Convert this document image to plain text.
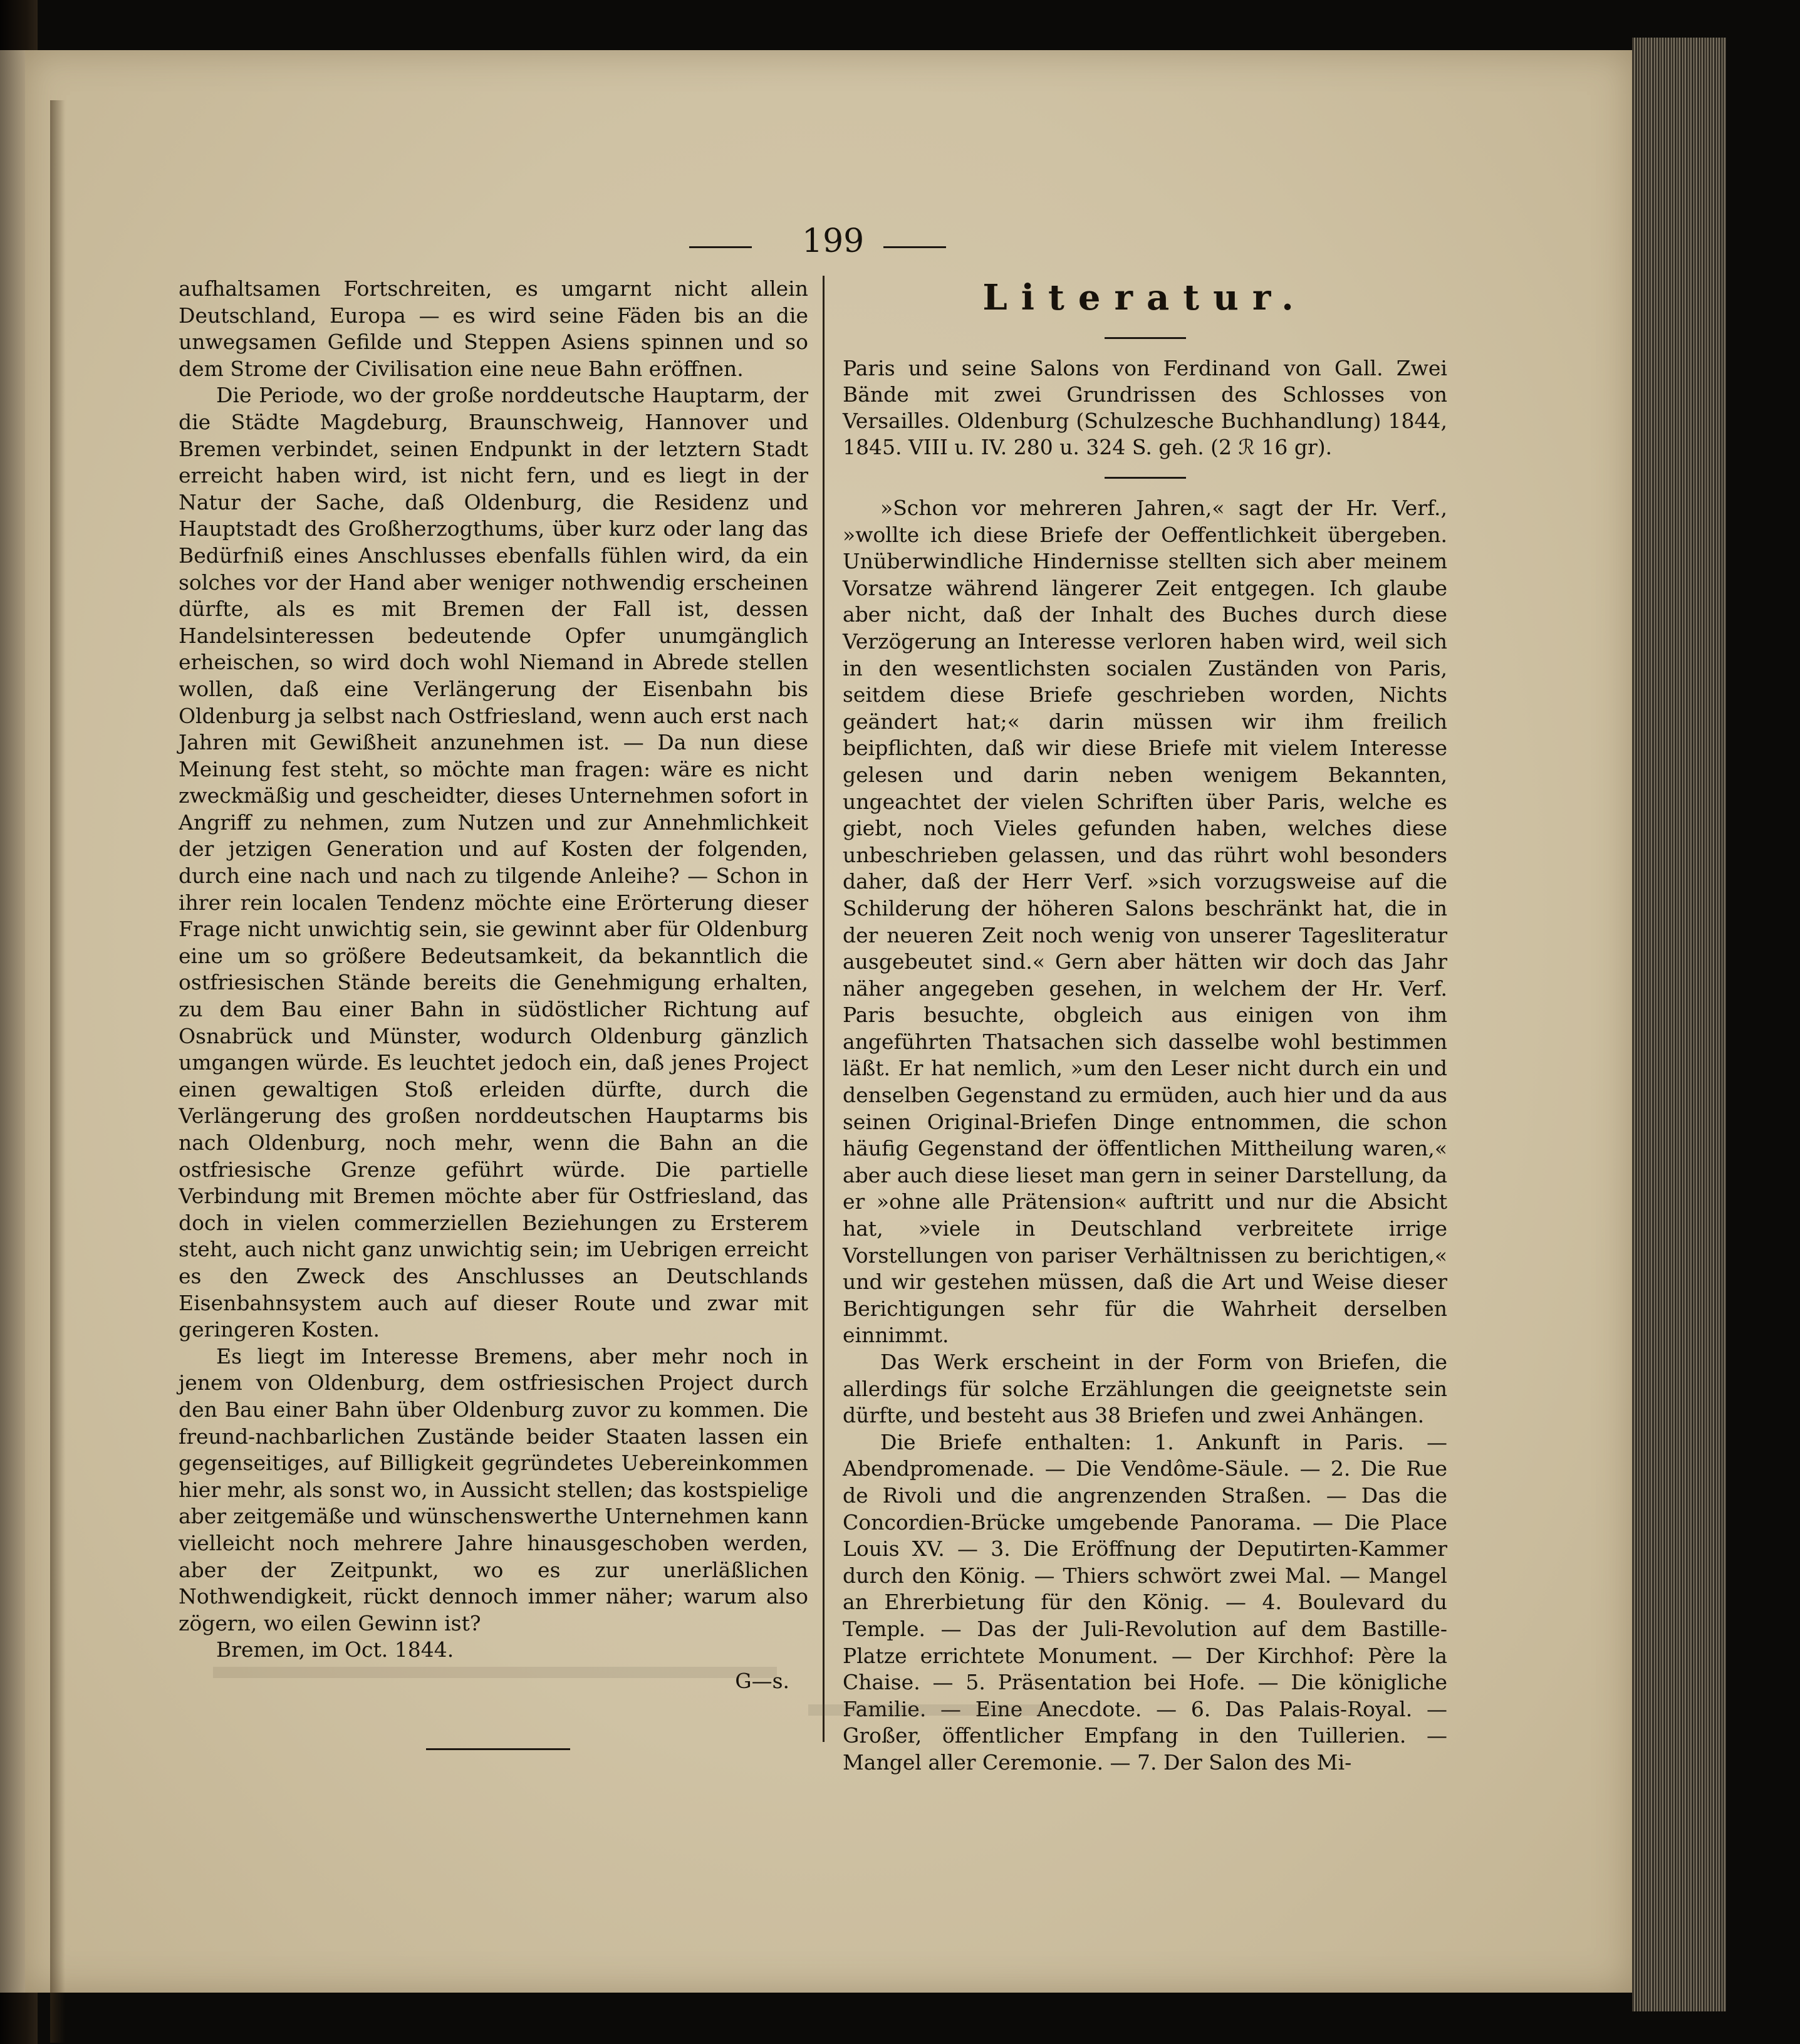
199

aufhaltsamen Fortschreiten, es umgarnt nicht allein Deutschland, Europa — es wird seine Fäden bis an die unwegsamen Gefilde und Steppen Asiens spinnen und so dem Strome der Civilisation eine neue Bahn eröffnen.

Die Periode, wo der große norddeutsche Hauptarm, der die Städte Magdeburg, Braunschweig, Hannover und Bremen verbindet, seinen Endpunkt in der letztern Stadt erreicht haben wird, ist nicht fern, und es liegt in der Natur der Sache, daß Oldenburg, die Residenz und Hauptstadt des Großherzogthums, über kurz oder lang das Bedürfniß eines Anschlusses ebenfalls fühlen wird, da ein solches vor der Hand aber weniger nothwendig erscheinen dürfte, als es mit Bremen der Fall ist, dessen Handelsinteressen bedeutende Opfer unumgänglich erheischen, so wird doch wohl Niemand in Abrede stellen wollen, daß eine Verlängerung der Eisenbahn bis Oldenburg ja selbst nach Ostfriesland, wenn auch erst nach Jahren mit Gewißheit anzunehmen ist. — Da nun diese Meinung fest steht, so möchte man fragen: wäre es nicht zweckmäßig und gescheidter, dieses Unternehmen sofort in Angriff zu nehmen, zum Nutzen und zur Annehmlichkeit der jetzigen Generation und auf Kosten der folgenden, durch eine nach und nach zu tilgende Anleihe? — Schon in ihrer rein localen Tendenz möchte eine Erörterung dieser Frage nicht unwichtig sein, sie gewinnt aber für Oldenburg eine um so größere Bedeutsamkeit, da bekanntlich die ostfriesischen Stände bereits die Genehmigung erhalten, zu dem Bau einer Bahn in südöstlicher Richtung auf Osnabrück und Münster, wodurch Oldenburg gänzlich umgangen würde. Es leuchtet jedoch ein, daß jenes Project einen gewaltigen Stoß erleiden dürfte, durch die Verlängerung des großen norddeutschen Hauptarms bis nach Oldenburg, noch mehr, wenn die Bahn an die ostfriesische Grenze geführt würde. Die partielle Verbindung mit Bremen möchte aber für Ostfriesland, das doch in vielen commerziellen Beziehungen zu Ersterem steht, auch nicht ganz unwichtig sein; im Uebrigen erreicht es den Zweck des Anschlusses an Deutschlands Eisenbahnsystem auch auf dieser Route und zwar mit geringeren Kosten.

Es liegt im Interesse Bremens, aber mehr noch in jenem von Oldenburg, dem ostfriesischen Project durch den Bau einer Bahn über Oldenburg zuvor zu kommen. Die freund-nachbarlichen Zustände beider Staaten lassen ein gegenseitiges, auf Billigkeit gegründetes Uebereinkommen hier mehr, als sonst wo, in Aussicht stellen; das kostspielige aber zeitgemäße und wünschenswerthe Unternehmen kann vielleicht noch mehrere Jahre hinausgeschoben werden, aber der Zeitpunkt, wo es zur unerläßlichen Nothwendigkeit, rückt dennoch immer näher; warum also zögern, wo eilen Gewinn ist?

Bremen, im Oct. 1844.

G—s.
Literatur.
Paris und seine Salons von Ferdinand von Gall. Zwei Bände mit zwei Grundrissen des Schlosses von Versailles. Oldenburg (Schulzesche Buchhandlung) 1844, 1845. VIII u. IV. 280 u. 324 S. geh. (2 ℛ 16 gr).

»Schon vor mehreren Jahren,« sagt der Hr. Verf., »wollte ich diese Briefe der Oeffentlichkeit übergeben. Unüberwindliche Hindernisse stellten sich aber meinem Vorsatze während längerer Zeit entgegen. Ich glaube aber nicht, daß der Inhalt des Buches durch diese Verzögerung an Interesse verloren haben wird, weil sich in den wesentlichsten socialen Zuständen von Paris, seitdem diese Briefe geschrieben worden, Nichts geändert hat;« darin müssen wir ihm freilich beipflichten, daß wir diese Briefe mit vielem Interesse gelesen und darin neben wenigem Bekannten, ungeachtet der vielen Schriften über Paris, welche es giebt, noch Vieles gefunden haben, welches diese unbeschrieben gelassen, und das rührt wohl besonders daher, daß der Herr Verf. »sich vorzugsweise auf die Schilderung der höheren Salons beschränkt hat, die in der neueren Zeit noch wenig von unserer Tagesliteratur ausgebeutet sind.« Gern aber hätten wir doch das Jahr näher angegeben gesehen, in welchem der Hr. Verf. Paris besuchte, obgleich aus einigen von ihm angeführten Thatsachen sich dasselbe wohl bestimmen läßt. Er hat nemlich, »um den Leser nicht durch ein und denselben Gegenstand zu ermüden, auch hier und da aus seinen Original-Briefen Dinge entnommen, die schon häufig Gegenstand der öffentlichen Mittheilung waren,« aber auch diese lieset man gern in seiner Darstellung, da er »ohne alle Prätension« auftritt und nur die Absicht hat, »viele in Deutschland verbreitete irrige Vorstellungen von pariser Verhältnissen zu berichtigen,« und wir gestehen müssen, daß die Art und Weise dieser Berichtigungen sehr für die Wahrheit derselben einnimmt.

Das Werk erscheint in der Form von Briefen, die allerdings für solche Erzählungen die geeignetste sein dürfte, und besteht aus 38 Briefen und zwei Anhängen.

Die Briefe enthalten: 1. Ankunft in Paris. — Abendpromenade. — Die Vendôme-Säule. — 2. Die Rue de Rivoli und die angrenzenden Straßen. — Das die Concordien-Brücke umgebende Panorama. — Die Place Louis XV. — 3. Die Eröffnung der Deputirten-Kammer durch den König. — Thiers schwört zwei Mal. — Mangel an Ehrerbietung für den König. — 4. Boulevard du Temple. — Das der Juli-Revolution auf dem Bastille-Platze errichtete Monument. — Der Kirchhof: Père la Chaise. — 5. Präsentation bei Hofe. — Die königliche Familie. — Eine Anecdote. — 6. Das Palais-Royal. — Großer, öffentlicher Empfang in den Tuillerien. — Mangel aller Ceremonie. — 7. Der Salon des Mi-
